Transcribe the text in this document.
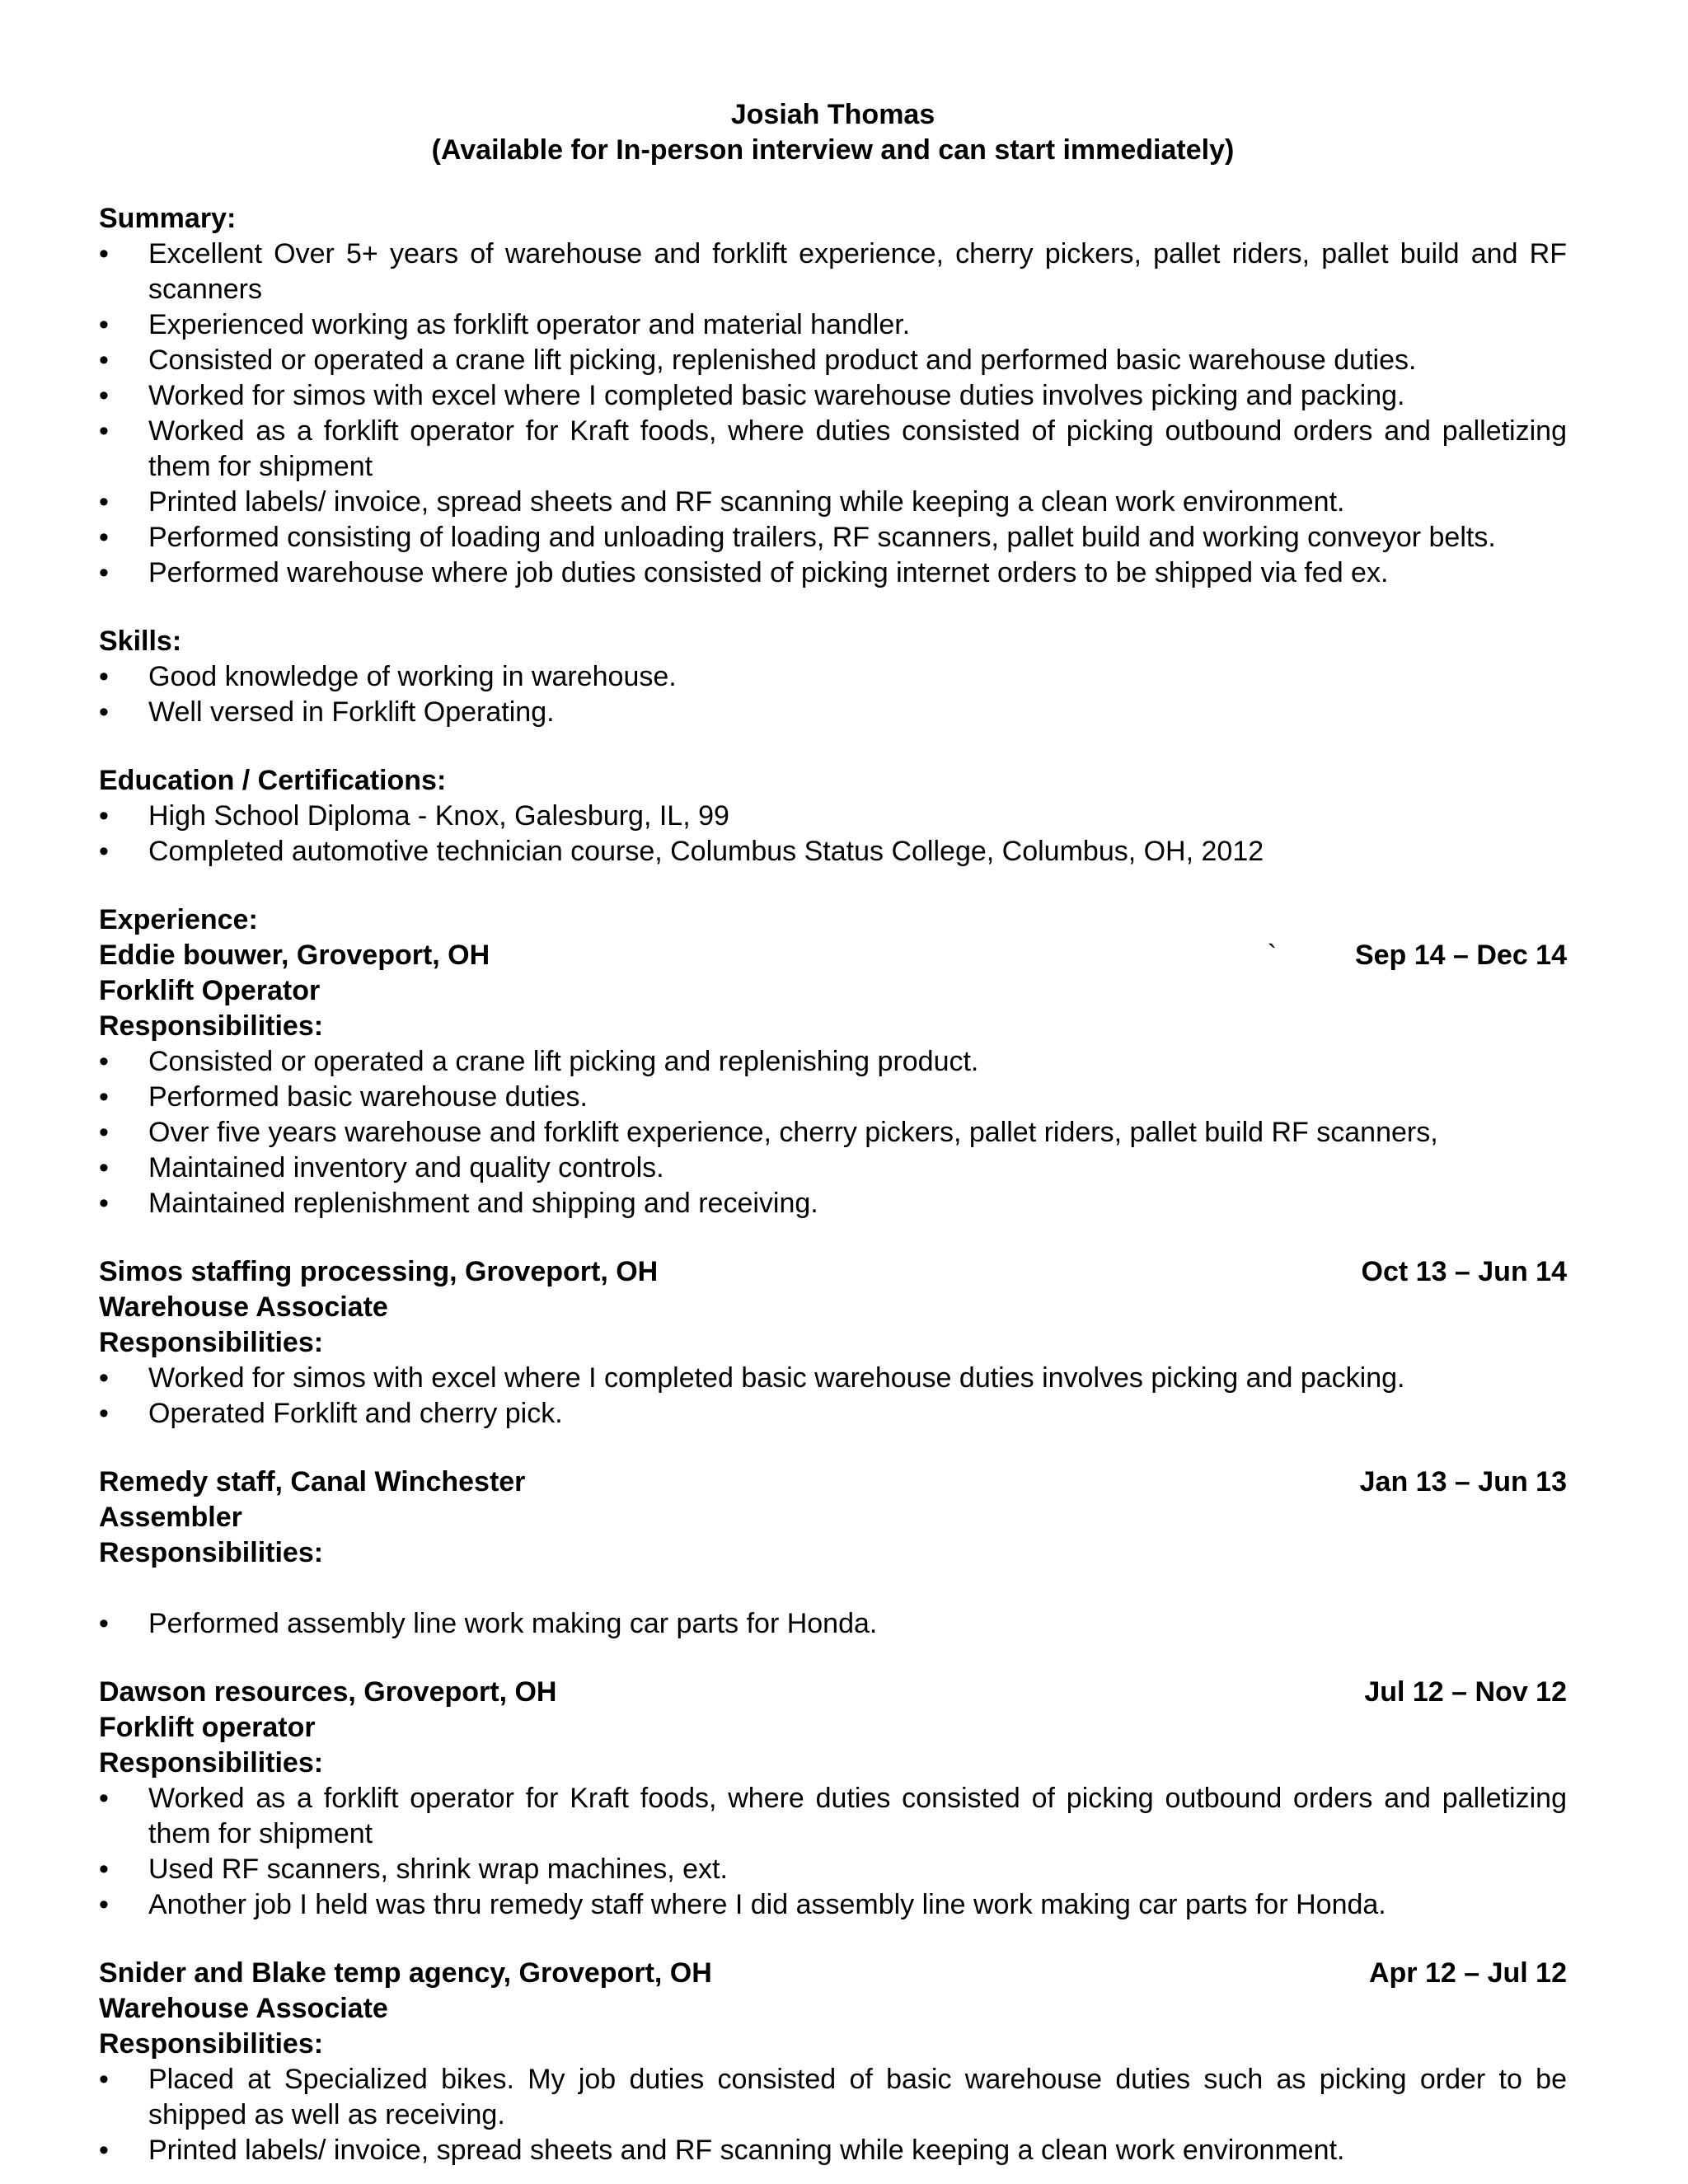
Josiah Thomas
(Available for In-person interview and can start immediately)
Summary:
• Excellent Over 5+ years of warehouse and forklift experience, cherry pickers, pallet riders, pallet build and RF scanners
• Experienced working as forklift operator and material handler.
• Consisted or operated a crane lift picking, replenished product and performed basic warehouse duties.
• Worked for simos with excel where I completed basic warehouse duties involves picking and packing.
• Worked as a forklift operator for Kraft foods, where duties consisted of picking outbound orders and palletizing them for shipment
• Printed labels/ invoice, spread sheets and RF scanning while keeping a clean work environment.
• Performed consisting of loading and unloading trailers, RF scanners, pallet build and working conveyor belts.
• Performed warehouse where job duties consisted of picking internet orders to be shipped via fed ex.
Skills:
• Good knowledge of working in warehouse.
• Well versed in Forklift Operating.
Education / Certifications:
• High School Diploma - Knox, Galesburg, IL, 99
• Completed automotive technician course, Columbus Status College, Columbus, OH, 2012
Experience:
Eddie bouwer, Groveport, OH	`	Sep 14 – Dec 14
Forklift Operator
Responsibilities:
• Consisted or operated a crane lift picking and replenishing product.
• Performed basic warehouse duties.
• Over five years warehouse and forklift experience, cherry pickers, pallet riders, pallet build RF scanners,
• Maintained inventory and quality controls.
• Maintained replenishment and shipping and receiving.
Simos staffing processing, Groveport, OH	Oct 13 – Jun 14
Warehouse Associate
Responsibilities:
• Worked for simos with excel where I completed basic warehouse duties involves picking and packing.
• Operated Forklift and cherry pick.
Remedy staff, Canal Winchester	Jan 13 – Jun 13
Assembler
Responsibilities:
• Performed assembly line work making car parts for Honda.
Dawson resources, Groveport, OH	Jul 12 – Nov 12
Forklift operator
Responsibilities:
• Worked as a forklift operator for Kraft foods, where duties consisted of picking outbound orders and palletizing them for shipment
• Used RF scanners, shrink wrap machines, ext.
• Another job I held was thru remedy staff where I did assembly line work making car parts for Honda.
Snider and Blake temp agency, Groveport, OH	Apr 12 – Jul 12
Warehouse Associate
Responsibilities:
• Placed at Specialized bikes. My job duties consisted of basic warehouse duties such as picking order to be shipped as well as receiving.
• Printed labels/ invoice, spread sheets and RF scanning while keeping a clean work environment.
